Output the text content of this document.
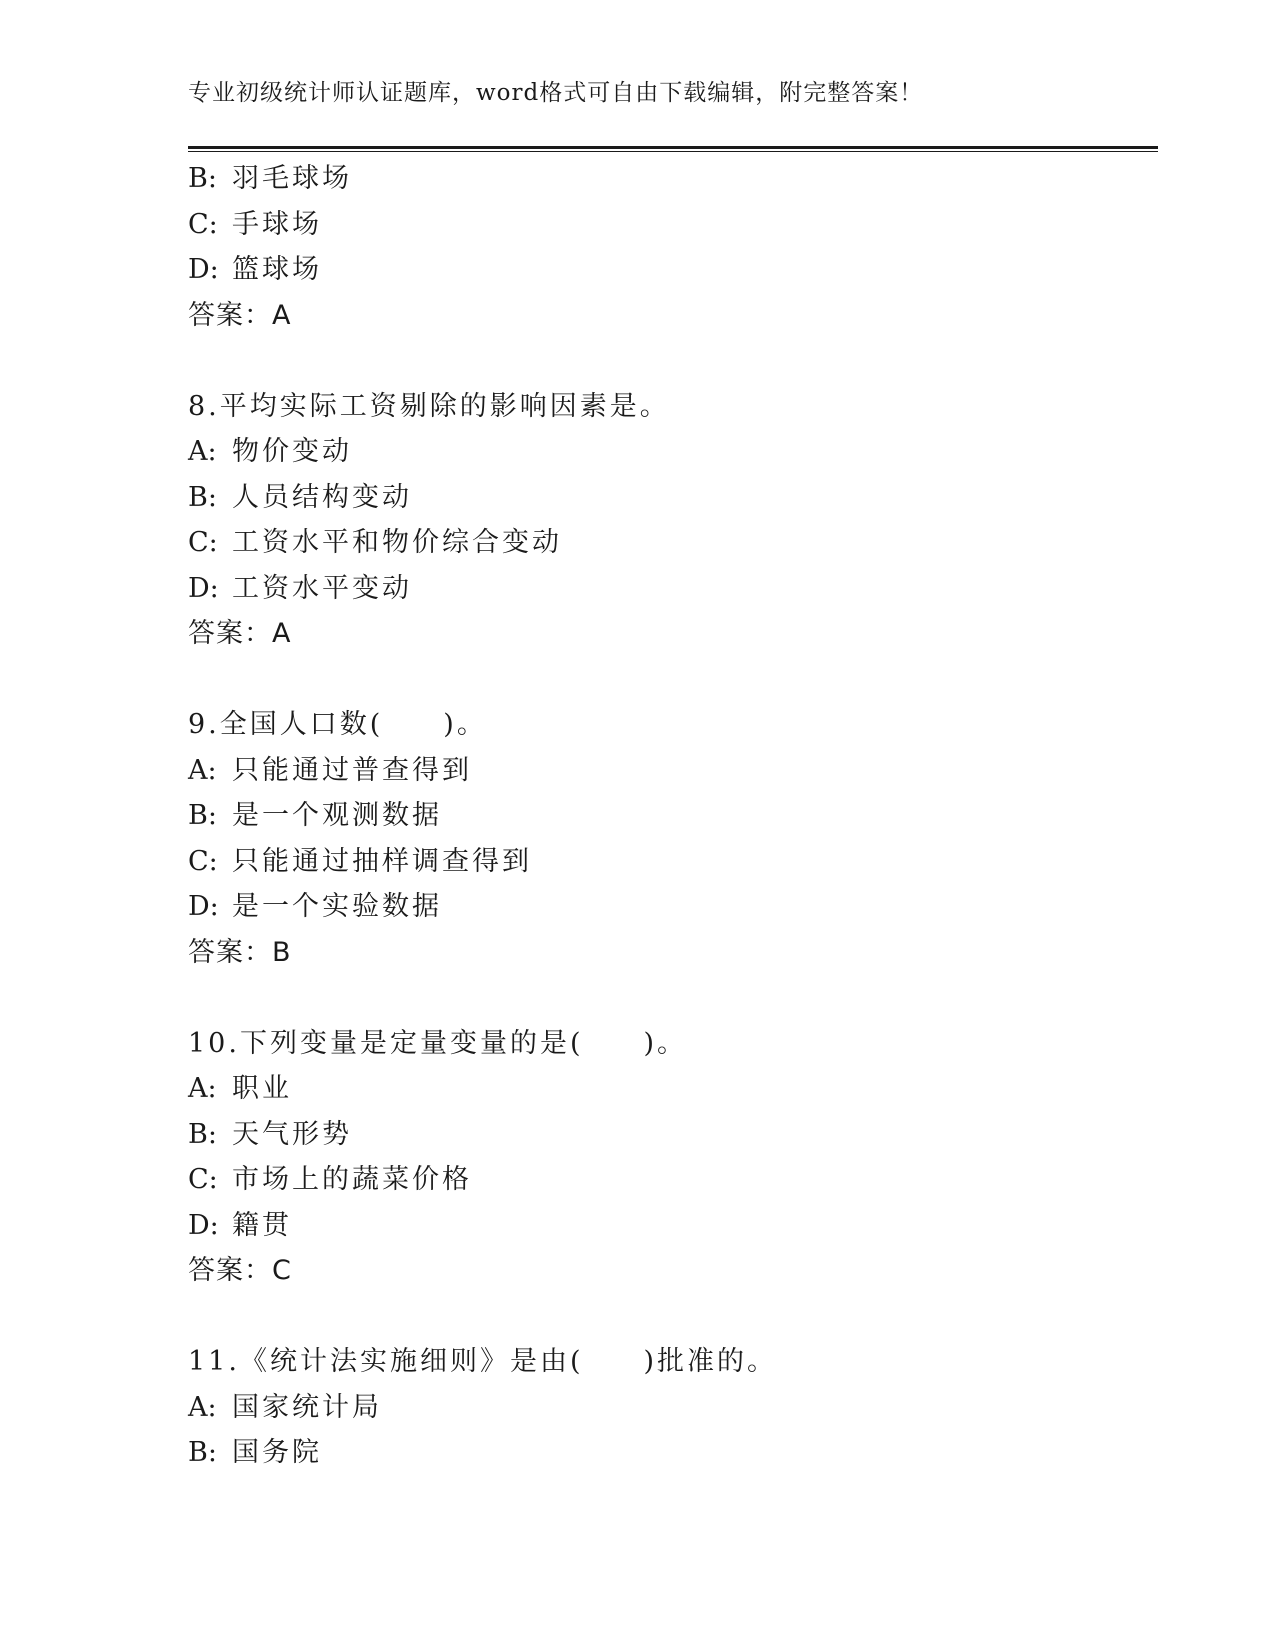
专业初级统计师认证题库，word格式可自由下载编辑，附完整答案！
B: 羽毛球场
C: 手球场
D: 篮球场
答案：A
8.平均实际工资剔除的影响因素是。
A: 物价变动
B: 人员结构变动
C: 工资水平和物价综合变动
D: 工资水平变动
答案：A
9.全国人口数(　　)。
A: 只能通过普查得到
B: 是一个观测数据
C: 只能通过抽样调查得到
D: 是一个实验数据
答案：B
10.下列变量是定量变量的是(　　)。
A: 职业
B: 天气形势
C: 市场上的蔬菜价格
D: 籍贯
答案：C
11.《统计法实施细则》是由(　　)批准的。
A: 国家统计局
B: 国务院
